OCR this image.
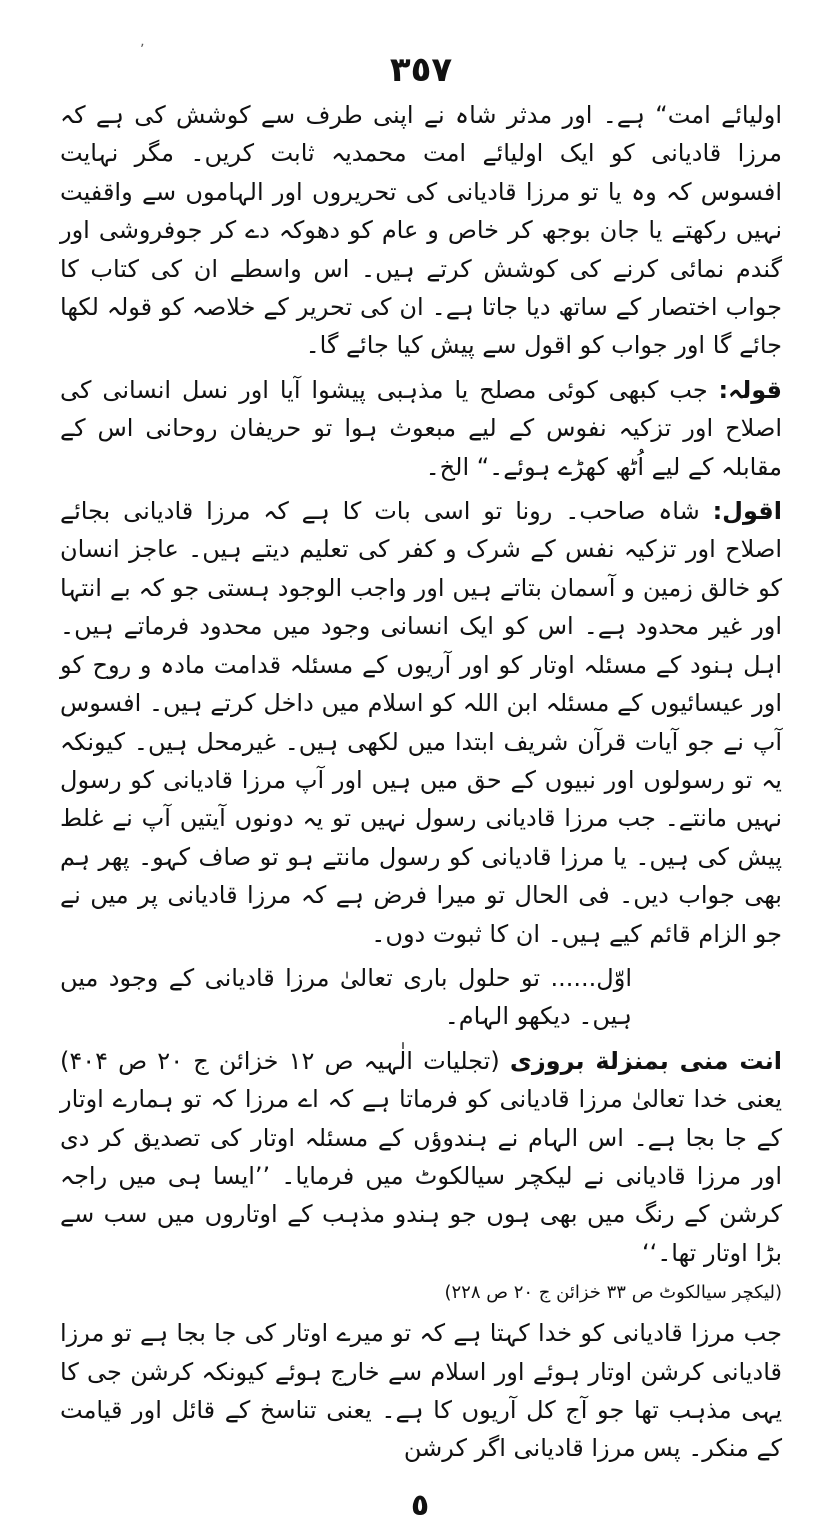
ʼ	٣٥٧

اولیائے امت“ ہے۔ اور مدثر شاہ نے اپنی طرف سے کوشش کی ہے کہ مرزا قادیانی کو ایک اولیائے امت محمدیہ ثابت کریں۔ مگر نہایت افسوس کہ وہ یا تو مرزا قادیانی کی تحریروں اور الہاموں سے واقفیت نہیں رکھتے یا جان بوجھ کر خاص و عام کو دھوکہ دے کر جوفروشی اور گندم نمائی کرنے کی کوشش کرتے ہیں۔ اس واسطے ان کی کتاب کا جواب اختصار کے ساتھ دیا جاتا ہے۔ ان کی تحریر کے خلاصہ کو قولہ لکھا جائے گا اور جواب کو اقول سے پیش کیا جائے گا۔

قولہ: جب کبھی کوئی مصلح یا مذہبی پیشوا آیا اور نسل انسانی کی اصلاح اور تزکیہ نفوس کے لیے مبعوث ہوا تو حریفان روحانی اس کے مقابلہ کے لیے اُٹھ کھڑے ہوئے۔“ الخ۔

اقول: شاہ صاحب۔ رونا تو اسی بات کا ہے کہ مرزا قادیانی بجائے اصلاح اور تزکیہ نفس کے شرک و کفر کی تعلیم دیتے ہیں۔ عاجز انسان کو خالق زمین و آسمان بتاتے ہیں اور واجب الوجود ہستی جو کہ بے انتہا اور غیر محدود ہے۔ اس کو ایک انسانی وجود میں محدود فرماتے ہیں۔ اہل ہنود کے مسئلہ اوتار کو اور آریوں کے مسئلہ قدامت مادہ و روح کو اور عیسائیوں کے مسئلہ ابن اللہ کو اسلام میں داخل کرتے ہیں۔ افسوس آپ نے جو آیات قرآن شریف ابتدا میں لکھی ہیں۔ غیرمحل ہیں۔ کیونکہ یہ تو رسولوں اور نبیوں کے حق میں ہیں اور آپ مرزا قادیانی کو رسول نہیں مانتے۔ جب مرزا قادیانی رسول نہیں تو یہ دونوں آیتیں آپ نے غلط پیش کی ہیں۔ یا مرزا قادیانی کو رسول مانتے ہو تو صاف کہو۔ پھر ہم بھی جواب دیں۔ فی الحال تو میرا فرض ہے کہ مرزا قادیانی پر میں نے جو الزام قائم کیے ہیں۔ ان کا ثبوت دوں۔

اوّل...... تو حلول باری تعالیٰ مرزا قادیانی کے وجود میں ہیں۔ دیکھو الہام۔

انت منی بمنزلة بروزی (تجلیات الٰہیہ ص ۱۲ خزائن ج ۲۰ ص ۴۰۴) یعنی خدا تعالیٰ مرزا قادیانی کو فرماتا ہے کہ اے مرزا کہ تو ہمارے اوتار کے جا بجا ہے۔ اس الہام نے ہندوؤں کے مسئلہ اوتار کی تصدیق کر دی اور مرزا قادیانی نے لیکچر سیالکوٹ میں فرمایا۔ ’’ایسا ہی میں راجہ کرشن کے رنگ میں بھی ہوں جو ہندو مذہب کے اوتاروں میں سب سے بڑا اوتار تھا۔‘‘

(لیکچر سیالکوٹ ص ۳۳ خزائن ج ۲۰ ص ۲۲۸)

جب مرزا قادیانی کو خدا کہتا ہے کہ تو میرے اوتار کی جا بجا ہے تو مرزا قادیانی کرشن اوتار ہوئے اور اسلام سے خارج ہوئے کیونکہ کرشن جی کا یہی مذہب تھا جو آج کل آریوں کا ہے۔ یعنی تناسخ کے قائل اور قیامت کے منکر۔ پس مرزا قادیانی اگر کرشن

٥
